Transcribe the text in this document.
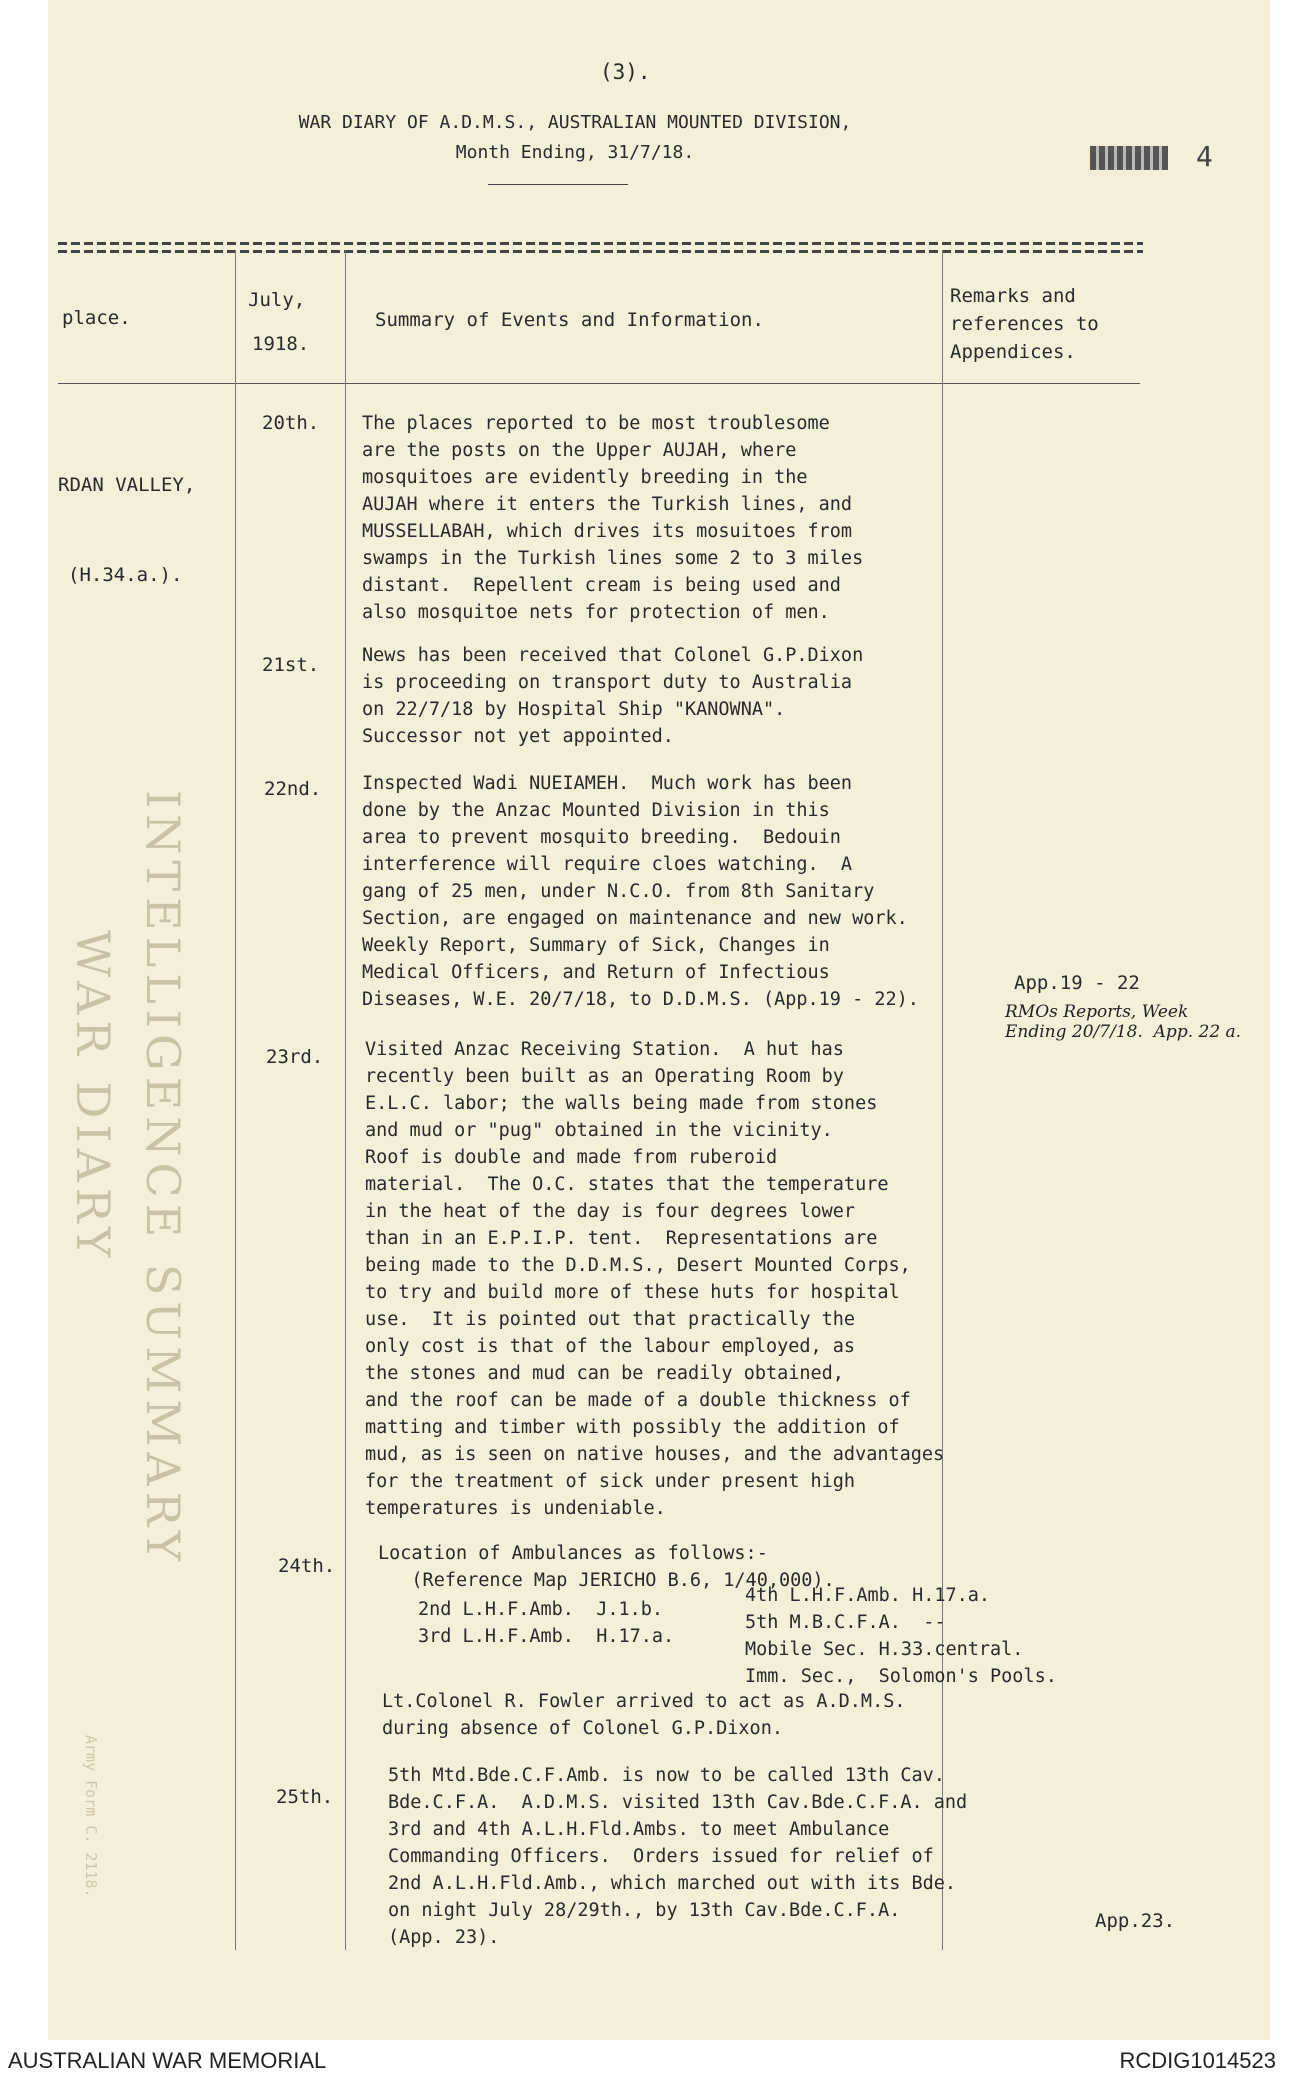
INTELLIGENCE SUMMARY
WAR DIARY
Army Form C. 2118.
(3).
WAR DIARY OF A.D.M.S., AUSTRALIAN MOUNTED DIVISION,
Month Ending, 31/7/18.	4
place.
July,
1918.
Summary of Events and Information.
Remarks and
references to
Appendices.

RDAN VALLEY,

(H.34.a.).

20th. The places reported to be most troublesome
are the posts on the Upper AUJAH, where
mosquitoes are evidently breeding in the
AUJAH where it enters the Turkish lines, and
MUSSELLABAH, which drives its mosuitoes from
swamps in the Turkish lines some 2 to 3 miles
distant.  Repellent cream is being used and
also mosquitoe nets for protection of men.
21st. News has been received that Colonel G.P.Dixon
is proceeding on transport duty to Australia
on 22/7/18 by Hospital Ship "KANOWNA".
Successor not yet appointed.
22nd. Inspected Wadi NUEIAMEH.  Much work has been
done by the Anzac Mounted Division in this
area to prevent mosquito breeding.  Bedouin
interference will require cloes watching.  A
gang of 25 men, under N.C.O. from 8th Sanitary
Section, are engaged on maintenance and new work.
Weekly Report, Summary of Sick, Changes in
Medical Officers, and Return of Infectious
Diseases, W.E. 20/7/18, to D.D.M.S. (App.19 - 22).
App.19 - 22
RMOs Reports, Week
Ending 20/7/18.  App. 22 a.
23rd. Visited Anzac Receiving Station.  A hut has
recently been built as an Operating Room by
E.L.C. labor; the walls being made from stones
and mud or "pug" obtained in the vicinity.
Roof is double and made from ruberoid
material.  The O.C. states that the temperature
in the heat of the day is four degrees lower
than in an E.P.I.P. tent.  Representations are
being made to the D.D.M.S., Desert Mounted Corps,
to try and build more of these huts for hospital
use.  It is pointed out that practically the
only cost is that of the labour employed, as
the stones and mud can be readily obtained,
and the roof can be made of a double thickness of
matting and timber with possibly the addition of
mud, as is seen on native houses, and the advantages
for the treatment of sick under present high
temperatures is undeniable.
24th.
Location of Ambulances as follows:-
(Reference Map JERICHO B.6, 1/40,000).
2nd L.H.F.Amb.  J.1.b.
3rd L.H.F.Amb.  H.17.a.
4th L.H.F.Amb. H.17.a.
5th M.B.C.F.A.  --
Mobile Sec. H.33.central.
Imm. Sec.,  Solomon's Pools.
Lt.Colonel R. Fowler arrived to act as A.D.M.S.
during absence of Colonel G.P.Dixon.
25th.
5th Mtd.Bde.C.F.Amb. is now to be called 13th Cav.
Bde.C.F.A.  A.D.M.S. visited 13th Cav.Bde.C.F.A. and
3rd and 4th A.L.H.Fld.Ambs. to meet Ambulance
Commanding Officers.  Orders issued for relief of
2nd A.L.H.Fld.Amb., which marched out with its Bde.
on night July 28/29th., by 13th Cav.Bde.C.F.A.
(App. 23).
App.23.
AUSTRALIAN WAR MEMORIAL	RCDIG1014523
